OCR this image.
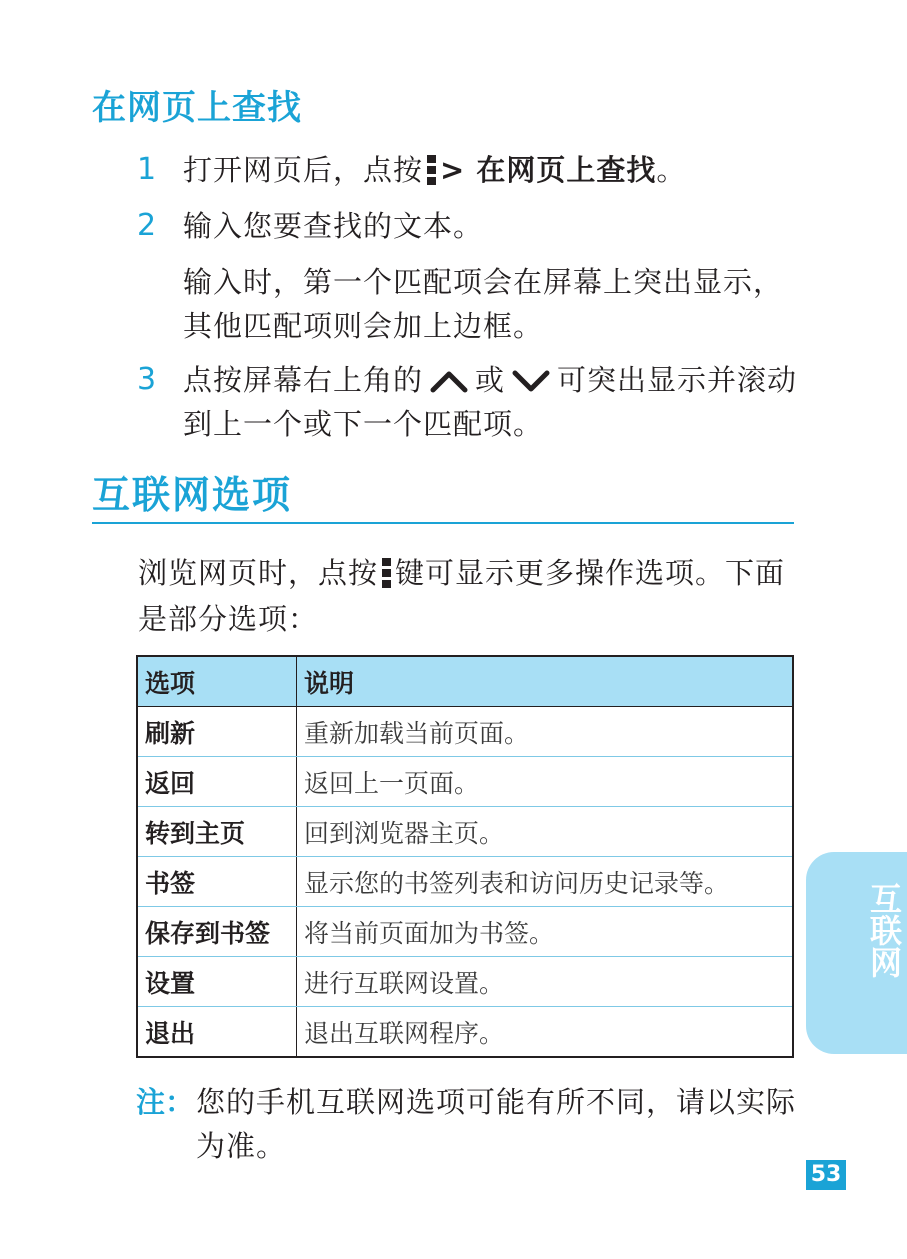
在网页上查找
1 打开网页后，点按 > 在网页上查找。
2 输入您要查找的文本。
输入时，第一个匹配项会在屏幕上突出显示，其他匹配项则会加上边框。
3 点按屏幕右上角的 或 可突出显示并滚动到上一个或下一个匹配项。
互联网选项
浏览网页时，点按 键可显示更多操作选项。下面是部分选项：
选项	说明
刷新	重新加载当前页面。
返回	返回上一页面。
转到主页	回到浏览器主页。
书签	显示您的书签列表和访问历史记录等。
保存到书签	将当前页面加为书签。
设置	进行互联网设置。
退出	退出互联网程序。
注： 您的手机互联网选项可能有所不同，请以实际为准。
互联网
53
